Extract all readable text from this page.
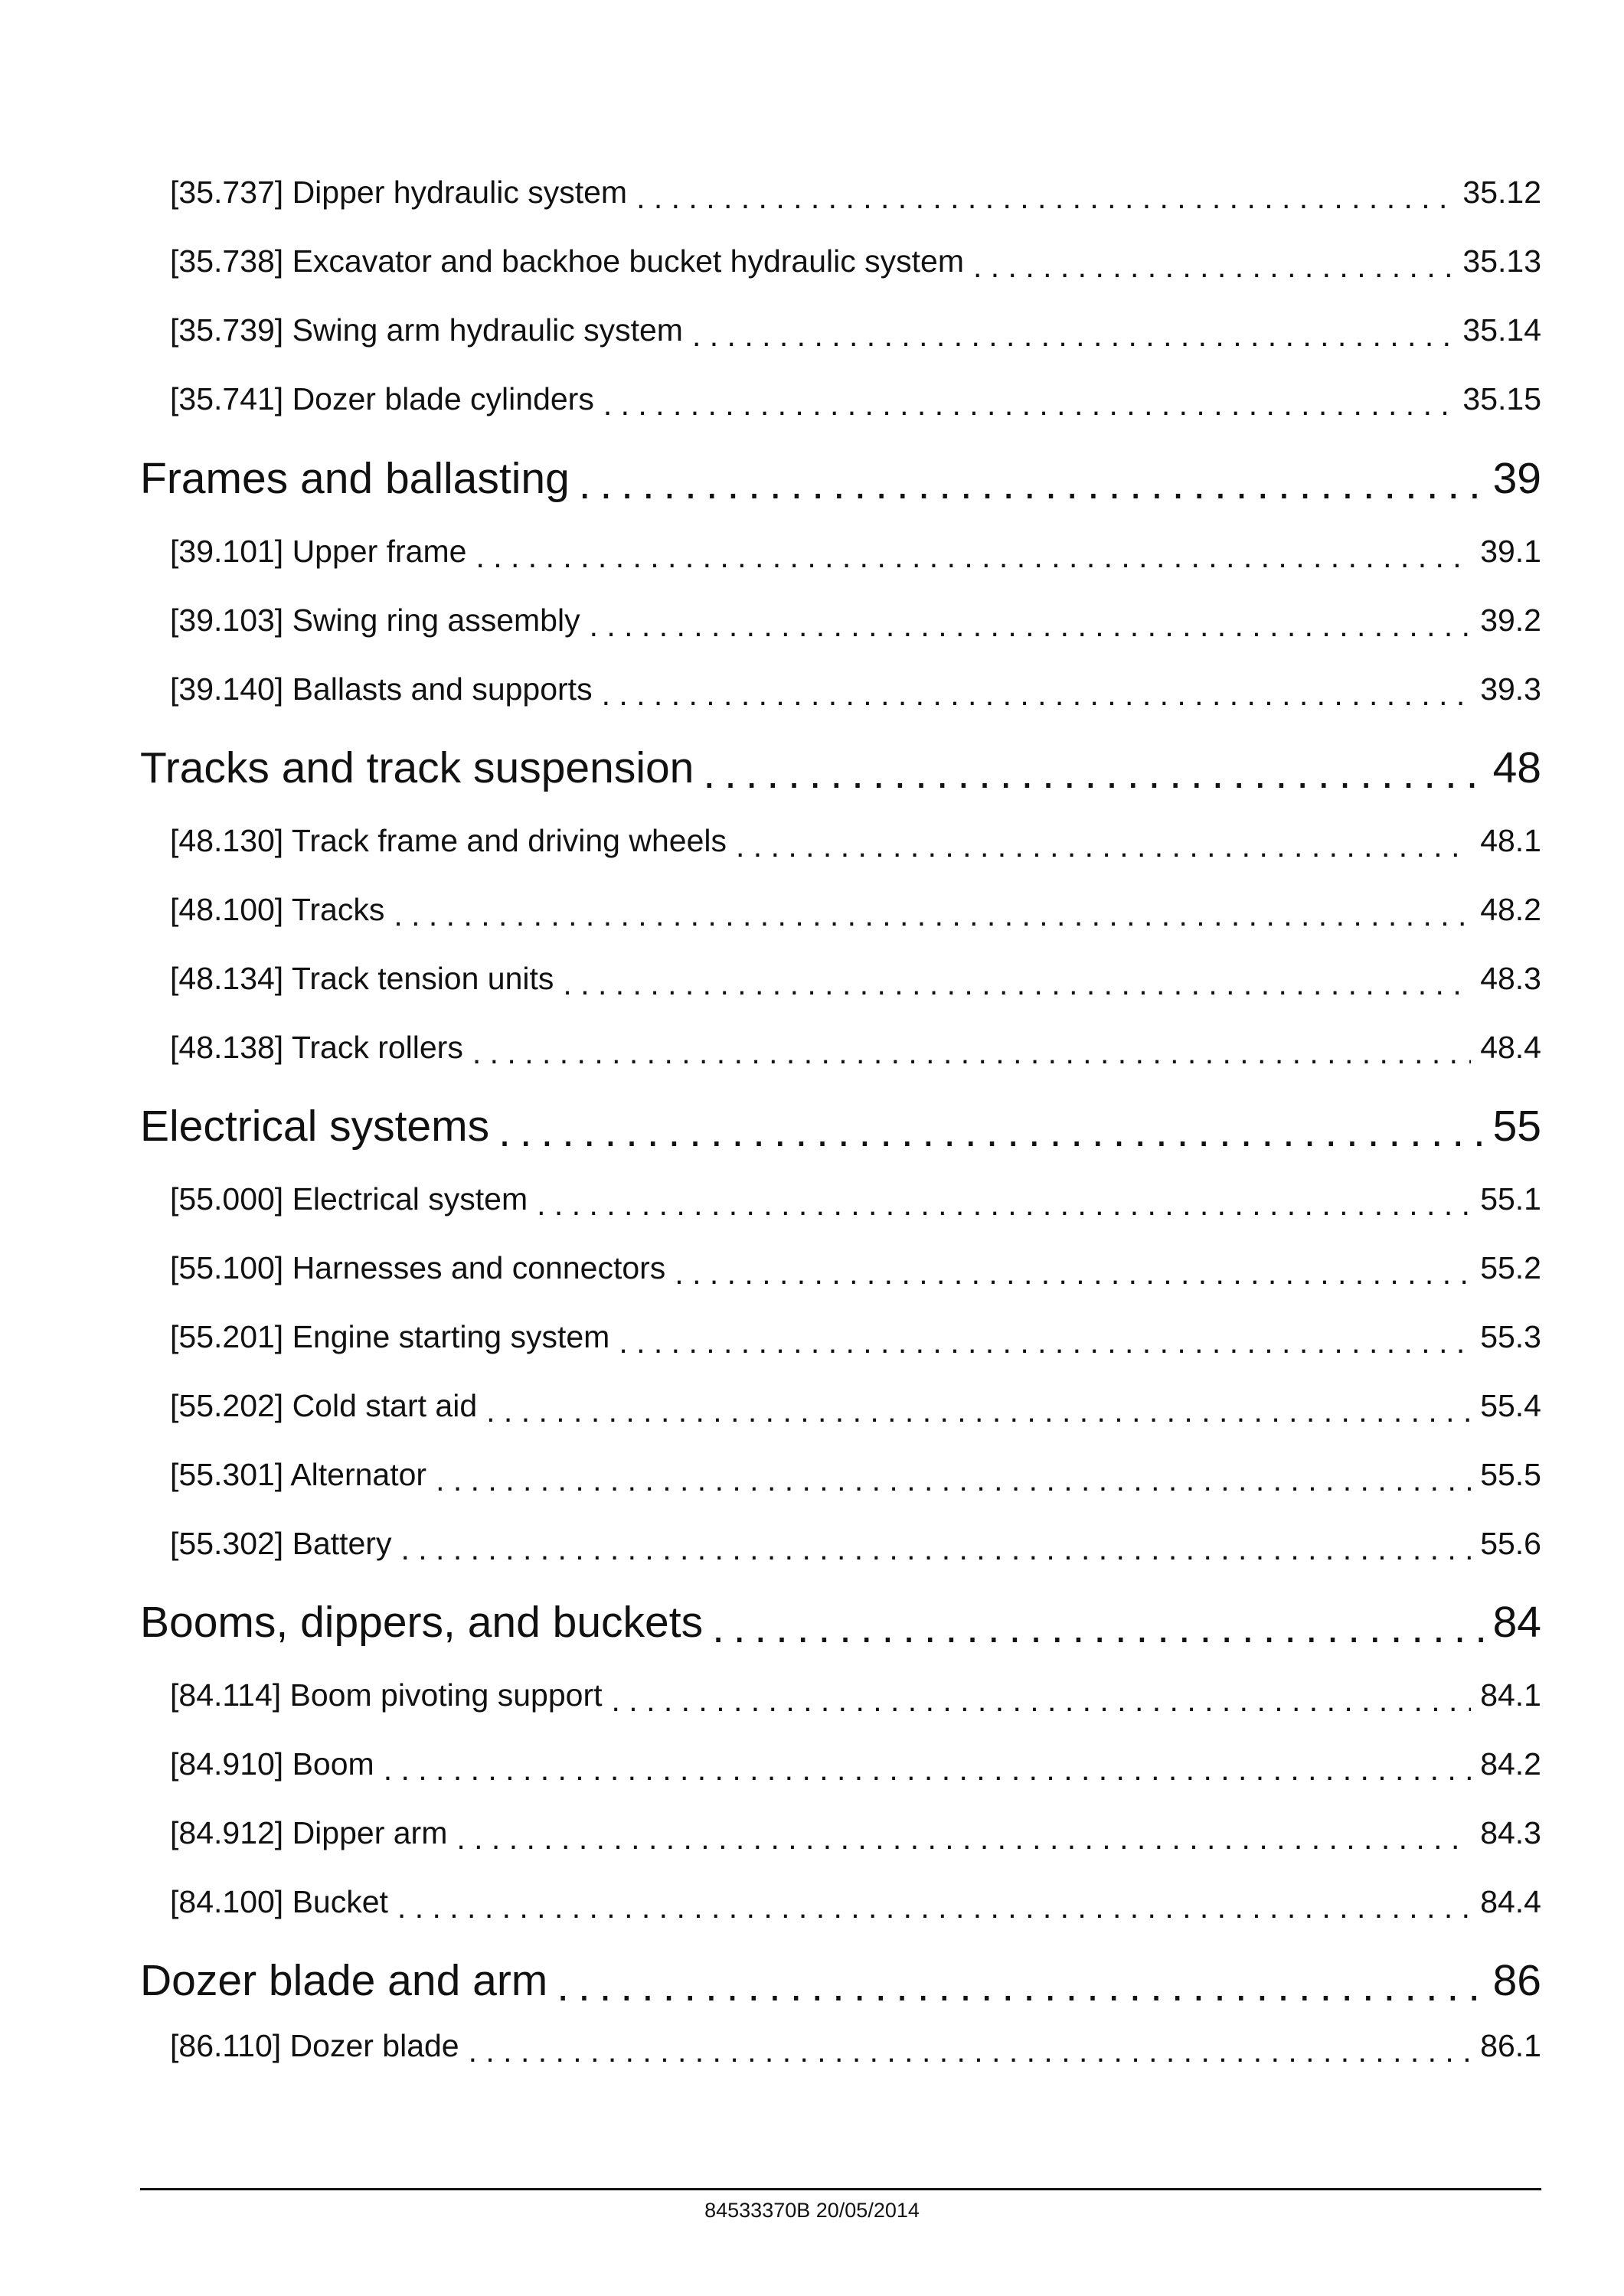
[35.737] Dipper hydraulic system . . .	35.12
[35.738] Excavator and backhoe bucket hydraulic system . . .	35.13
[35.739] Swing arm hydraulic system . . .	35.14
[35.741] Dozer blade cylinders . . .	35.15
Frames and ballasting . . .	39
[39.101] Upper frame . . .	39.1
[39.103] Swing ring assembly . . .	39.2
[39.140] Ballasts and supports . . .	39.3
Tracks and track suspension . . .	48
[48.130] Track frame and driving wheels . . .	48.1
[48.100] Tracks . . .	48.2
[48.134] Track tension units . . .	48.3
[48.138] Track rollers . . .	48.4
Electrical systems . . .	55
[55.000] Electrical system . . .	55.1
[55.100] Harnesses and connectors . . .	55.2
[55.201] Engine starting system . . .	55.3
[55.202] Cold start aid . . .	55.4
[55.301] Alternator . . .	55.5
[55.302] Battery . . .	55.6
Booms, dippers, and buckets . . .	84
[84.114] Boom pivoting support . . .	84.1
[84.910] Boom . . .	84.2
[84.912] Dipper arm . . .	84.3
[84.100] Bucket . . .	84.4
Dozer blade and arm . . .	86
[86.110] Dozer blade . . .	86.1
84533370B 20/05/2014
